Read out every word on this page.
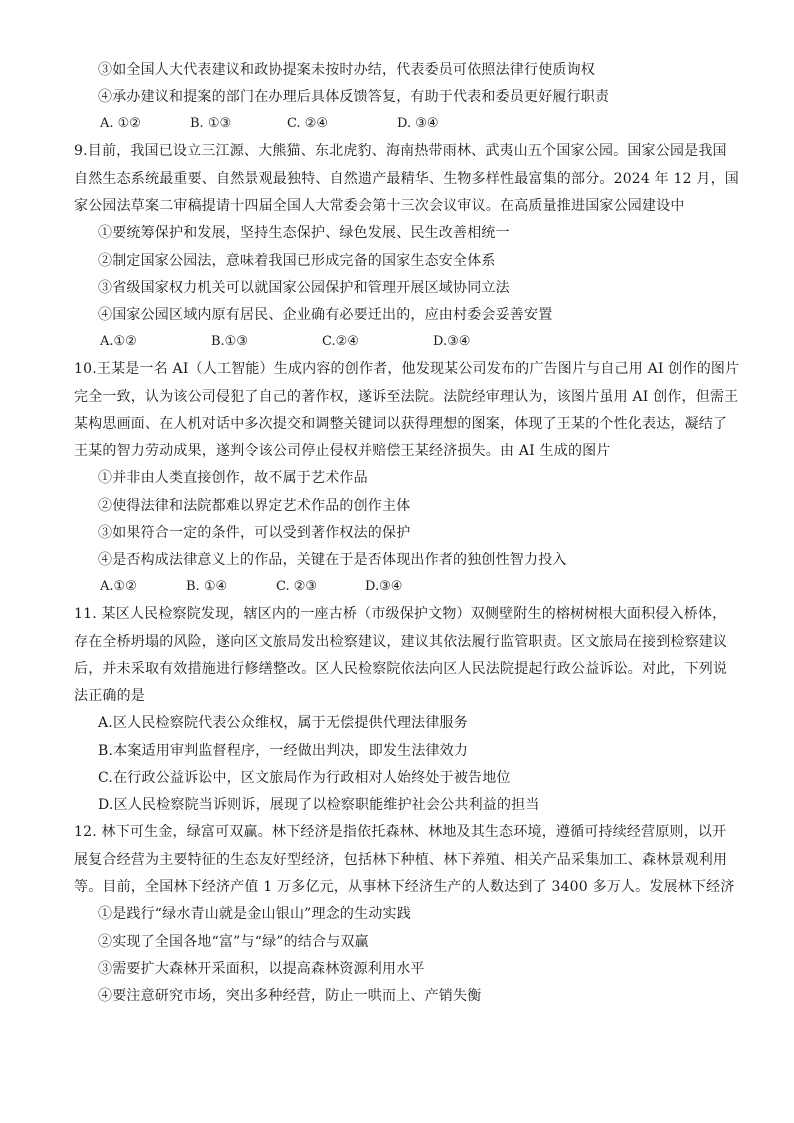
③如全国人大代表建议和政协提案未按时办结，代表委员可依照法律行使质询权
④承办建议和提案的部门在办理后具体反馈答复，有助于代表和委员更好履行职责
A. ①②	B. ①③	C. ②④	D. ③④
9.目前，我国已设立三江源、大熊猫、东北虎豹、海南热带雨林、武夷山五个国家公园。国家公园是我国
自然生态系统最重要、自然景观最独特、自然遗产最精华、生物多样性最富集的部分。2024 年 12 月，国
家公园法草案二审稿提请十四届全国人大常委会第十三次会议审议。在高质量推进国家公园建设中
①要统筹保护和发展，坚持生态保护、绿色发展、民生改善相统一
②制定国家公园法，意味着我国已形成完备的国家生态安全体系
③省级国家权力机关可以就国家公园保护和管理开展区域协同立法
④国家公园区域内原有居民、企业确有必要迁出的，应由村委会妥善安置
A.①②	B.①③	C.②④	D.③④
10.王某是一名 AI（人工智能）生成内容的创作者，他发现某公司发布的广告图片与自己用 AI 创作的图片
完全一致，认为该公司侵犯了自己的著作权，遂诉至法院。法院经审理认为，该图片虽用 AI 创作，但需王
某构思画面、在人机对话中多次提交和调整关键词以获得理想的图案，体现了王某的个性化表达，凝结了
王某的智力劳动成果，遂判令该公司停止侵权并赔偿王某经济损失。由 AI 生成的图片
①并非由人类直接创作，故不属于艺术作品
②使得法律和法院都难以界定艺术作品的创作主体
③如果符合一定的条件，可以受到著作权法的保护
④是否构成法律意义上的作品，关键在于是否体现出作者的独创性智力投入
A.①②	B. ①④	C. ②③	D.③④
11. 某区人民检察院发现，辖区内的一座古桥（市级保护文物）双侧壁附生的榕树树根大面积侵入桥体，
存在全桥坍塌的风险，遂向区文旅局发出检察建议，建议其依法履行监管职责。区文旅局在接到检察建议
后，并未采取有效措施进行修缮整改。区人民检察院依法向区人民法院提起行政公益诉讼。对此，下列说
法正确的是
A.区人民检察院代表公众维权，属于无偿提供代理法律服务
B.本案适用审判监督程序，一经做出判决，即发生法律效力
C.在行政公益诉讼中，区文旅局作为行政相对人始终处于被告地位
D.区人民检察院当诉则诉，展现了以检察职能维护社会公共利益的担当
12. 林下可生金，绿富可双赢。林下经济是指依托森林、林地及其生态环境，遵循可持续经营原则，以开
展复合经营为主要特征的生态友好型经济，包括林下种植、林下养殖、相关产品采集加工、森林景观利用
等。目前，全国林下经济产值 1 万多亿元，从事林下经济生产的人数达到了 3400 多万人。发展林下经济
①是践行“绿水青山就是金山银山”理念的生动实践
②实现了全国各地“富”与“绿”的结合与双赢
③需要扩大森林开采面积，以提高森林资源利用水平
④要注意研究市场，突出多种经营，防止一哄而上、产销失衡
